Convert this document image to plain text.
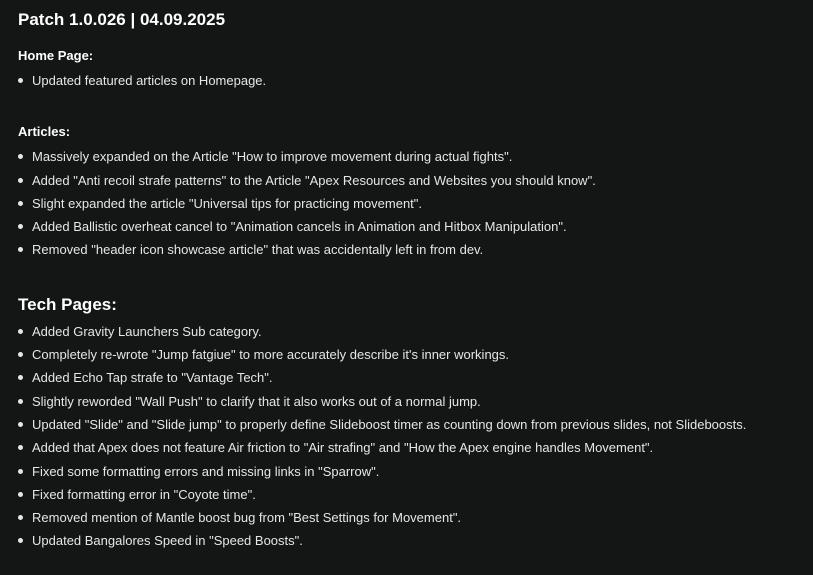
Patch 1.0.026 | 04.09.2025
Home Page:
Updated featured articles on Homepage.
Articles:
Massively expanded on the Article "How to improve movement during actual fights".
Added "Anti recoil strafe patterns" to the Article "Apex Resources and Websites you should know".
Slight expanded the article "Universal tips for practicing movement".
Added Ballistic overheat cancel to "Animation cancels in Animation and Hitbox Manipulation".
Removed "header icon showcase article" that was accidentally left in from dev.
Tech Pages:
Added Gravity Launchers Sub category.
Completely re-wrote "Jump fatgiue" to more accurately describe it's inner workings.
Added Echo Tap strafe to "Vantage Tech".
Slightly reworded "Wall Push" to clarify that it also works out of a normal jump.
Updated "Slide" and "Slide jump" to properly define Slideboost timer as counting down from previous slides, not Slideboosts.
Added that Apex does not feature Air friction to "Air strafing" and "How the Apex engine handles Movement".
Fixed some formatting errors and missing links in "Sparrow".
Fixed formatting error in "Coyote time".
Removed mention of Mantle boost bug from "Best Settings for Movement".
Updated Bangalores Speed in "Speed Boosts".
